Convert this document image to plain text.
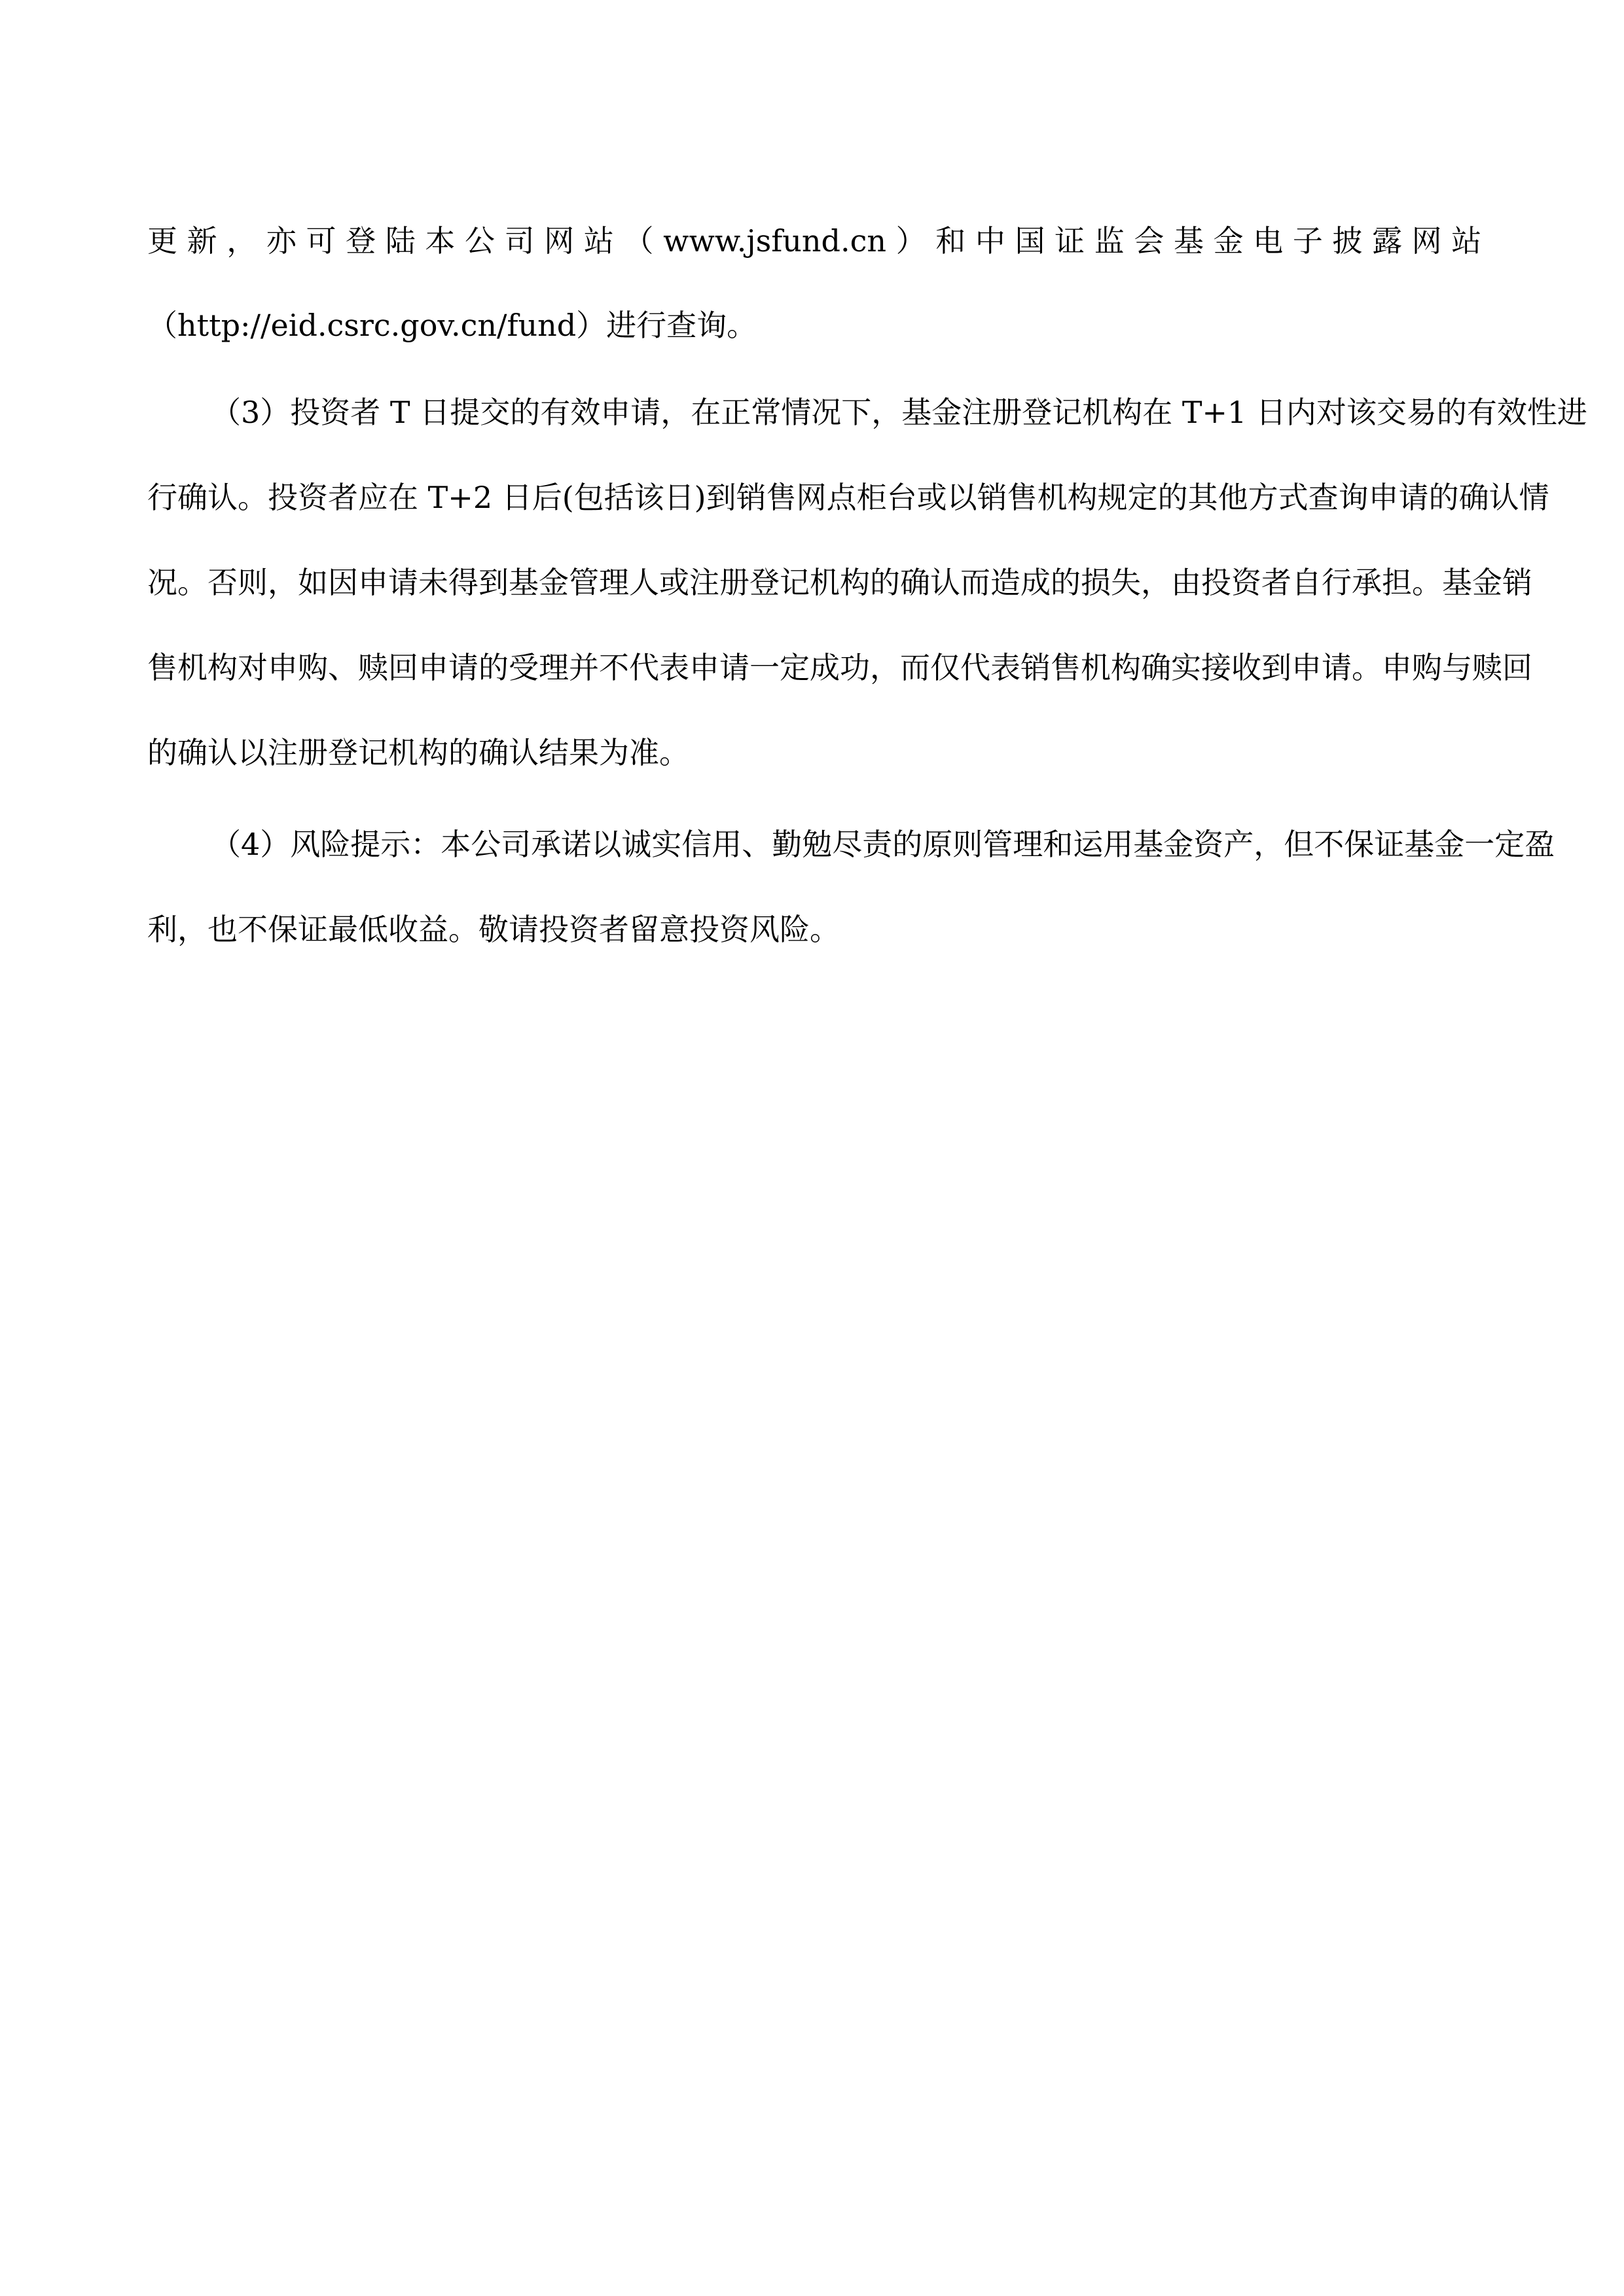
更 新 ， 亦 可 登 陆 本 公 司 网 站 （ www.jsfund.cn ） 和 中 国 证 监 会 基 金 电 子 披 露 网 站
（http://eid.csrc.gov.cn/fund）进行查询。
（3）投资者 T 日提交的有效申请，在正常情况下，基金注册登记机构在 T+1 日内对该交易的有效性进
行确认。投资者应在 T+2 日后(包括该日)到销售网点柜台或以销售机构规定的其他方式查询申请的确认情
况。否则，如因申请未得到基金管理人或注册登记机构的确认而造成的损失，由投资者自行承担。基金销
售机构对申购、赎回申请的受理并不代表申请一定成功，而仅代表销售机构确实接收到申请。申购与赎回
的确认以注册登记机构的确认结果为准。
（4）风险提示：本公司承诺以诚实信用、勤勉尽责的原则管理和运用基金资产，但不保证基金一定盈
利，也不保证最低收益。敬请投资者留意投资风险。
